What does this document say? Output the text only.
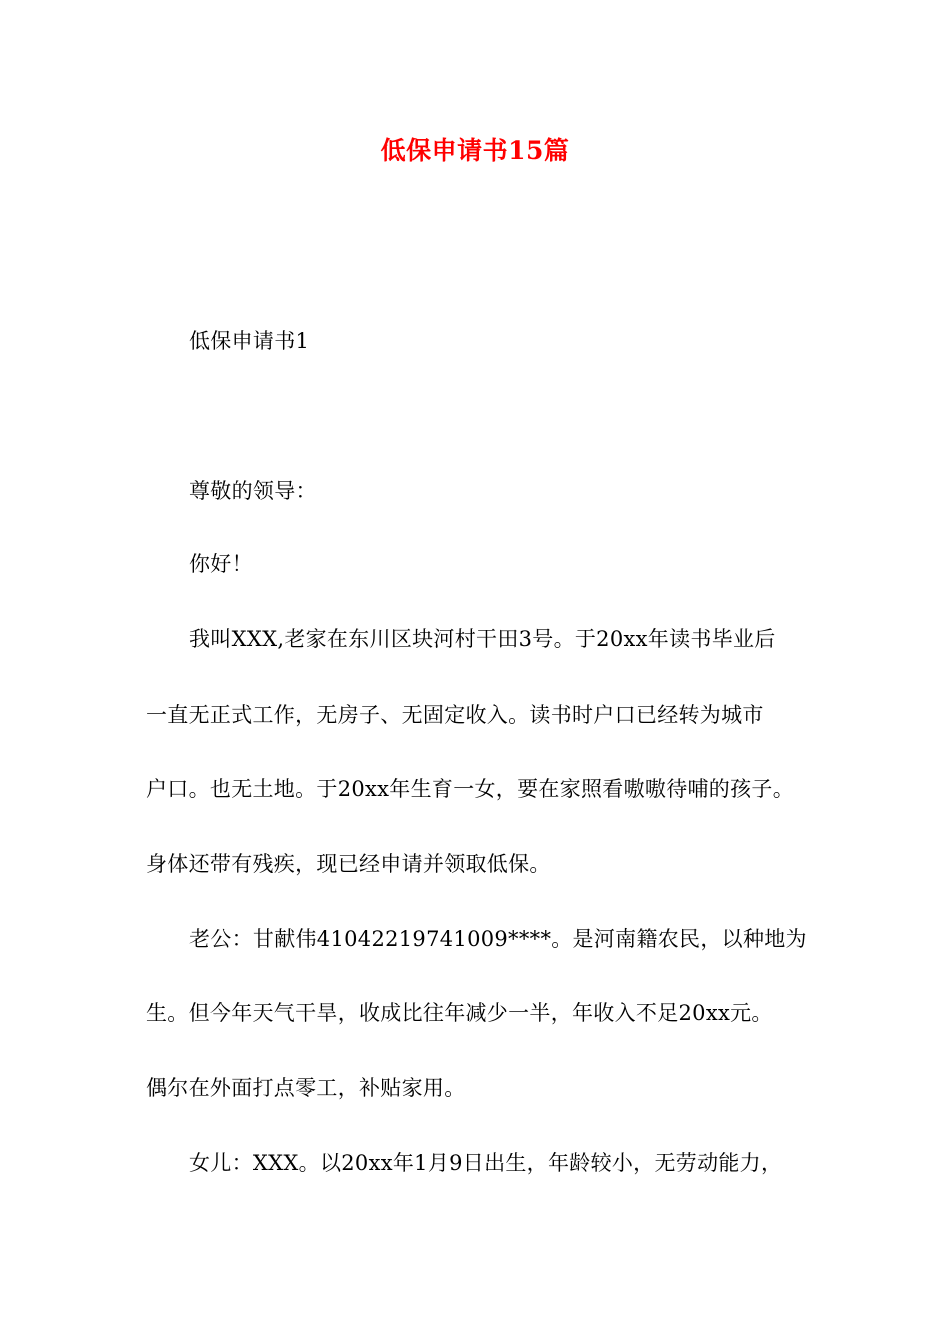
低保申请书15篇
低保申请书1
尊敬的领导：
你好！
我叫XXX,老家在东川区块河村干田3号。于20xx年读书毕业后
一直无正式工作，无房子、无固定收入。读书时户口已经转为城市
户口。也无土地。于20xx年生育一女，要在家照看嗷嗷待哺的孩子。
身体还带有残疾，现已经申请并领取低保。
老公：甘献伟41042219741009****。是河南籍农民，以种地为
生。但今年天气干旱，收成比往年减少一半，年收入不足20xx元。
偶尔在外面打点零工，补贴家用。
女儿：XXX。以20xx年1月9日出生，年龄较小，无劳动能力，
